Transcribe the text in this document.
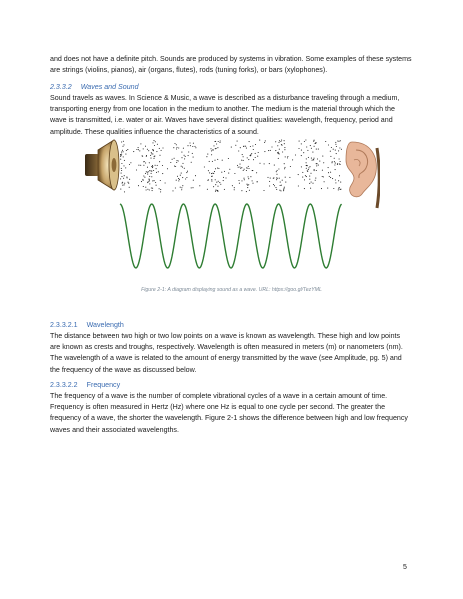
and does not have a definite pitch. Sounds are produced by systems in vibration. Some examples of these systems are strings (violins, pianos), air (organs, flutes), rods (tuning forks), or bars (xylophones).

2.3.3.2 Waves and Sound

Sound travels as waves. In Science & Music, a wave is described as a disturbance traveling through a medium, transporting energy from one location in the medium to another. The medium is the material through which the wave is transmitted, i.e. water or air. Waves have several distinct qualities: wavelength, frequency, period and amplitude. These qualities influence the characteristics of a sound.

Figure 2-1: A diagram displaying sound as a wave. URL: https://goo.gl/TezYML

2.3.3.2.1 Wavelength

The distance between two high or two low points on a wave is known as wavelength. These high and low points are known as crests and troughs, respectively. Wavelength is often measured in meters (m) or nanometers (nm). The wavelength of a wave is related to the amount of energy transmitted by the wave (see Amplitude, pg. 5) and the frequency of the wave as discussed below.

2.3.3.2.2 Frequency

The frequency of a wave is the number of complete vibrational cycles of a wave in a certain amount of time. Frequency is often measured in Hertz (Hz) where one Hz is equal to one cycle per second. The greater the frequency of a wave, the shorter the wavelength. Figure 2-1 shows the difference between high and low frequency waves and their associated wavelengths.

5
